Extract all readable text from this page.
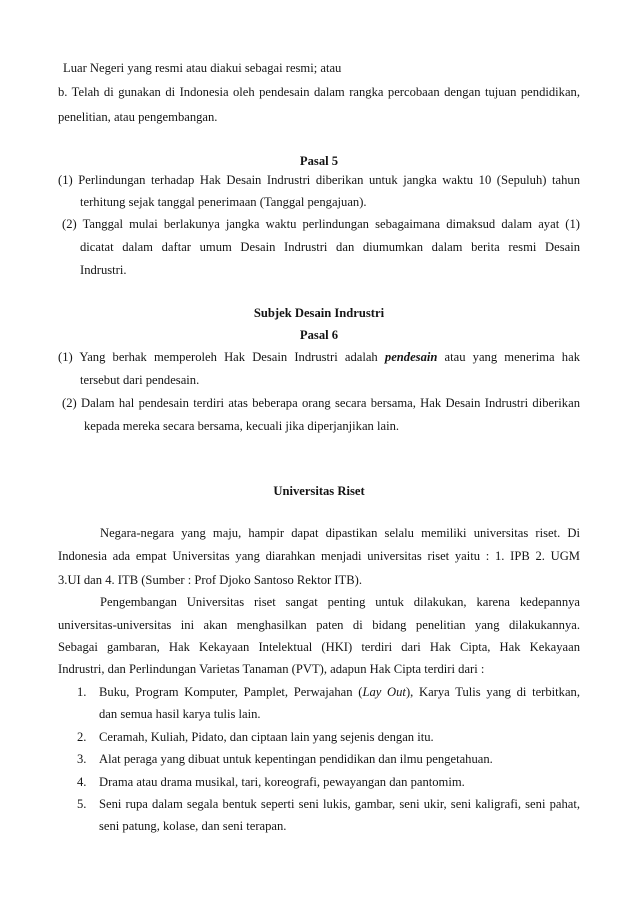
Luar Negeri yang resmi atau diakui sebagai resmi; atau
b. Telah di gunakan di Indonesia oleh pendesain dalam rangka percobaan dengan tujuan pendidikan,
penelitian, atau pengembangan.
Pasal 5
(1) Perlindungan terhadap Hak Desain Indrustri diberikan untuk jangka waktu 10 (Sepuluh) tahun
terhitung sejak tanggal penerimaan (Tanggal pengajuan).
(2) Tanggal mulai berlakunya jangka waktu perlindungan sebagaimana dimaksud dalam ayat (1)
dicatat dalam daftar umum Desain Indrustri dan diumumkan dalam berita resmi Desain
Indrustri.
Subjek Desain Indrustri
Pasal 6
(1) Yang berhak memperoleh Hak Desain Indrustri adalah pendesain atau yang menerima hak
tersebut dari pendesain.
(2) Dalam hal pendesain terdiri atas beberapa orang secara bersama, Hak Desain Indrustri diberikan
kepada mereka secara bersama, kecuali jika diperjanjikan lain.
Universitas Riset
Negara-negara yang maju, hampir dapat dipastikan selalu memiliki universitas riset. Di
Indonesia ada empat Universitas yang diarahkan menjadi universitas riset yaitu : 1. IPB 2. UGM
3.UI dan 4. ITB (Sumber : Prof Djoko Santoso Rektor ITB).
Pengembangan Universitas riset sangat penting untuk dilakukan, karena kedepannya
universitas-universitas ini akan menghasilkan paten di bidang penelitian yang dilakukannya.
Sebagai gambaran, Hak Kekayaan Intelektual (HKI) terdiri dari Hak Cipta, Hak Kekayaan
Indrustri, dan Perlindungan Varietas Tanaman (PVT), adapun Hak Cipta terdiri dari :
1. Buku, Program Komputer, Pamplet, Perwajahan (Lay Out), Karya Tulis yang di terbitkan,
dan semua hasil karya tulis lain.
2. Ceramah, Kuliah, Pidato, dan ciptaan lain yang sejenis dengan itu.
3. Alat peraga yang dibuat untuk kepentingan pendidikan dan ilmu pengetahuan.
4. Drama atau drama musikal, tari, koreografi, pewayangan dan pantomim.
5. Seni rupa dalam segala bentuk seperti seni lukis, gambar, seni ukir, seni kaligrafi, seni pahat,
seni patung, kolase, dan seni terapan.
